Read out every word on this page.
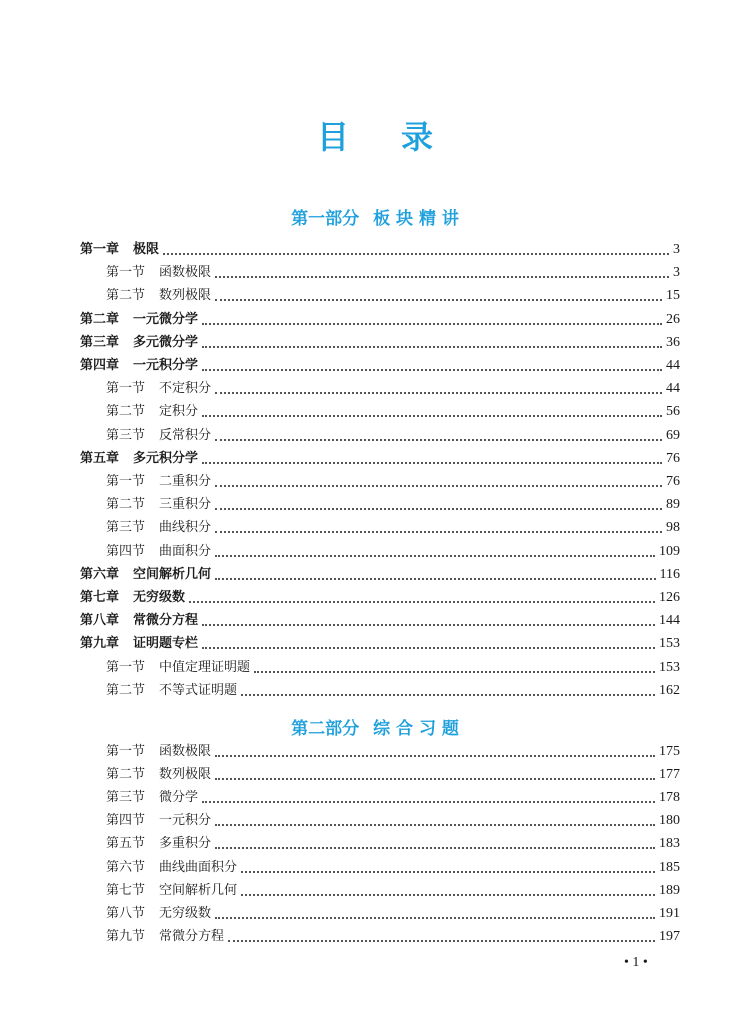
目 录
第一部分 板 块 精 讲
第一章 极限	3
第一节 函数极限	3
第二节 数列极限	15
第二章 一元微分学	26
第三章 多元微分学	36
第四章 一元积分学	44
第一节 不定积分	44
第二节 定积分	56
第三节 反常积分	69
第五章 多元积分学	76
第一节 二重积分	76
第二节 三重积分	89
第三节 曲线积分	98
第四节 曲面积分	109
第六章 空间解析几何	116
第七章 无穷级数	126
第八章 常微分方程	144
第九章 证明题专栏	153
第一节 中值定理证明题	153
第二节 不等式证明题	162
第二部分 综 合 习 题
第一节 函数极限	175
第二节 数列极限	177
第三节 微分学	178
第四节 一元积分	180
第五节 多重积分	183
第六节 曲线曲面积分	185
第七节 空间解析几何	189
第八节 无穷级数	191
第九节 常微分方程	197
• 1 •
